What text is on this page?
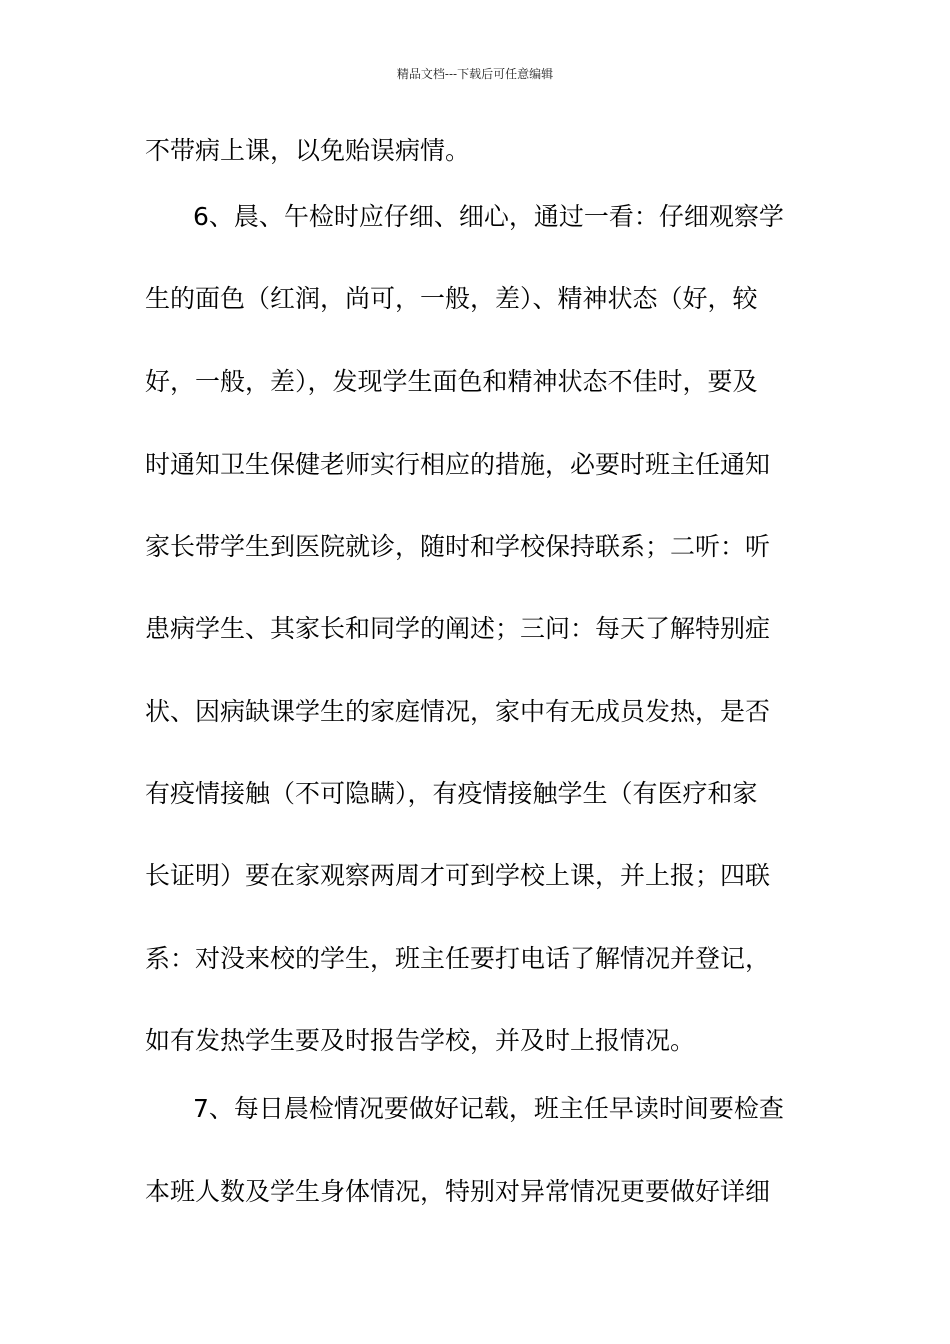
精品文档---下载后可任意编辑
不带病上课，以免贻误病情。
6、晨、午检时应仔细、细心，通过一看：仔细观察学
生的面色（红润，尚可，一般，差）、精神状态（好，较
好，一般，差），发现学生面色和精神状态不佳时，要及
时通知卫生保健老师实行相应的措施，必要时班主任通知
家长带学生到医院就诊，随时和学校保持联系；二听：听
患病学生、其家长和同学的阐述；三问：每天了解特别症
状、因病缺课学生的家庭情况，家中有无成员发热，是否
有疫情接触（不可隐瞒），有疫情接触学生（有医疗和家
长证明）要在家观察两周才可到学校上课，并上报；四联
系：对没来校的学生，班主任要打电话了解情况并登记，
如有发热学生要及时报告学校，并及时上报情况。
7、每日晨检情况要做好记载，班主任早读时间要检查
本班人数及学生身体情况，特别对异常情况更要做好详细
